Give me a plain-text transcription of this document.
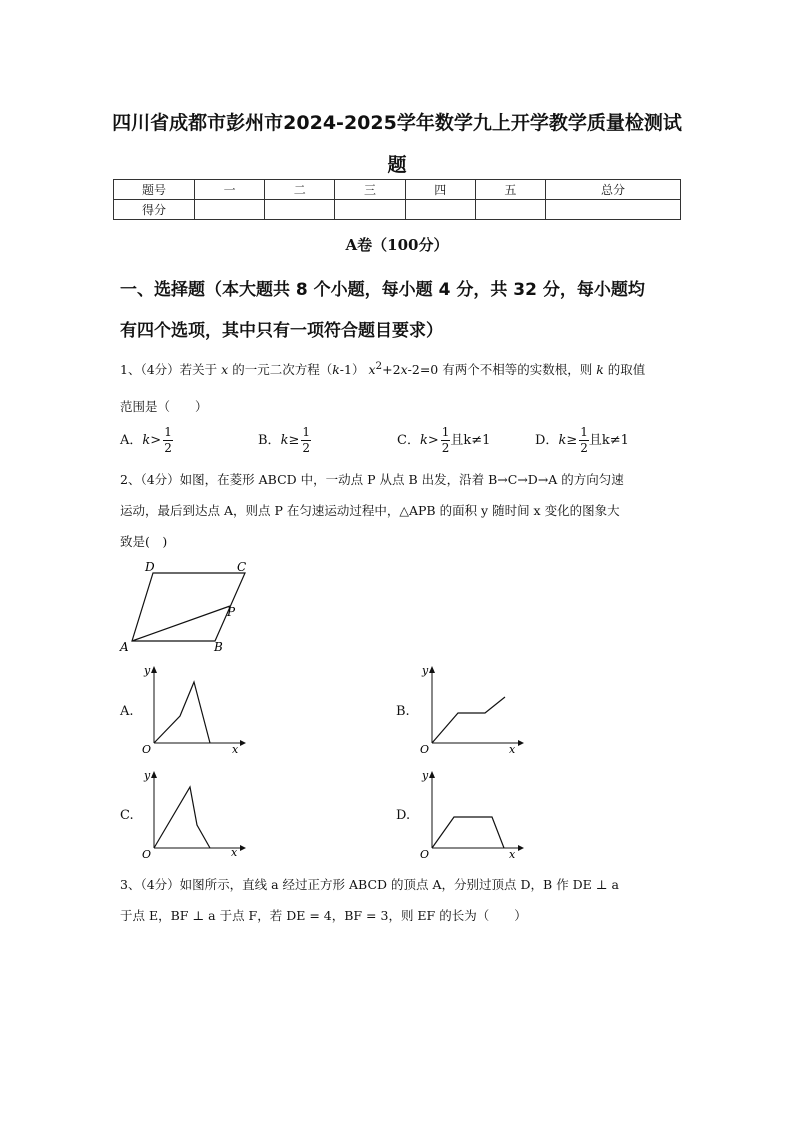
四川省成都市彭州市2024-2025学年数学九上开学教学质量检测试
题
题号	一	二	三	四	五	总分
得分						
A卷（100分）
一、选择题（本大题共 8 个小题，每小题 4 分，共 32 分，每小题均
有四个选项，其中只有一项符合题目要求）
1、（4分）若关于 x 的一元二次方程（k-1） $x^2+2x-2=0$ 有两个不相等的实数根，则 k 的取值
范围是（　　）
A．$k> \frac{1}{2}$	B．$k\ge \frac{1}{2}$	C．$k> \frac{1}{2}$ 且k≠1	D．$k\ge \frac{1}{2}$ 且k≠1
2、（4分）如图，在菱形 ABCD 中，一动点 P 从点 B 出发，沿着 B→C→D→A 的方向匀速
运动，最后到达点 A，则点 P 在匀速运动过程中，△APB 的面积 y 随时间 x 变化的图象大
致是(　)
A	B
C
D
P
A.
O	x
y
B.
O	x
y
C.
O	x
y
D.
O	x
y
3、（4分）如图所示，直线 a 经过正方形 ABCD 的顶点 A，分别过顶点 D，B 作 DE ⊥ a
于点 E，BF ⊥ a 于点 F，若 DE = 4，BF = 3，则 EF 的长为（　　）
